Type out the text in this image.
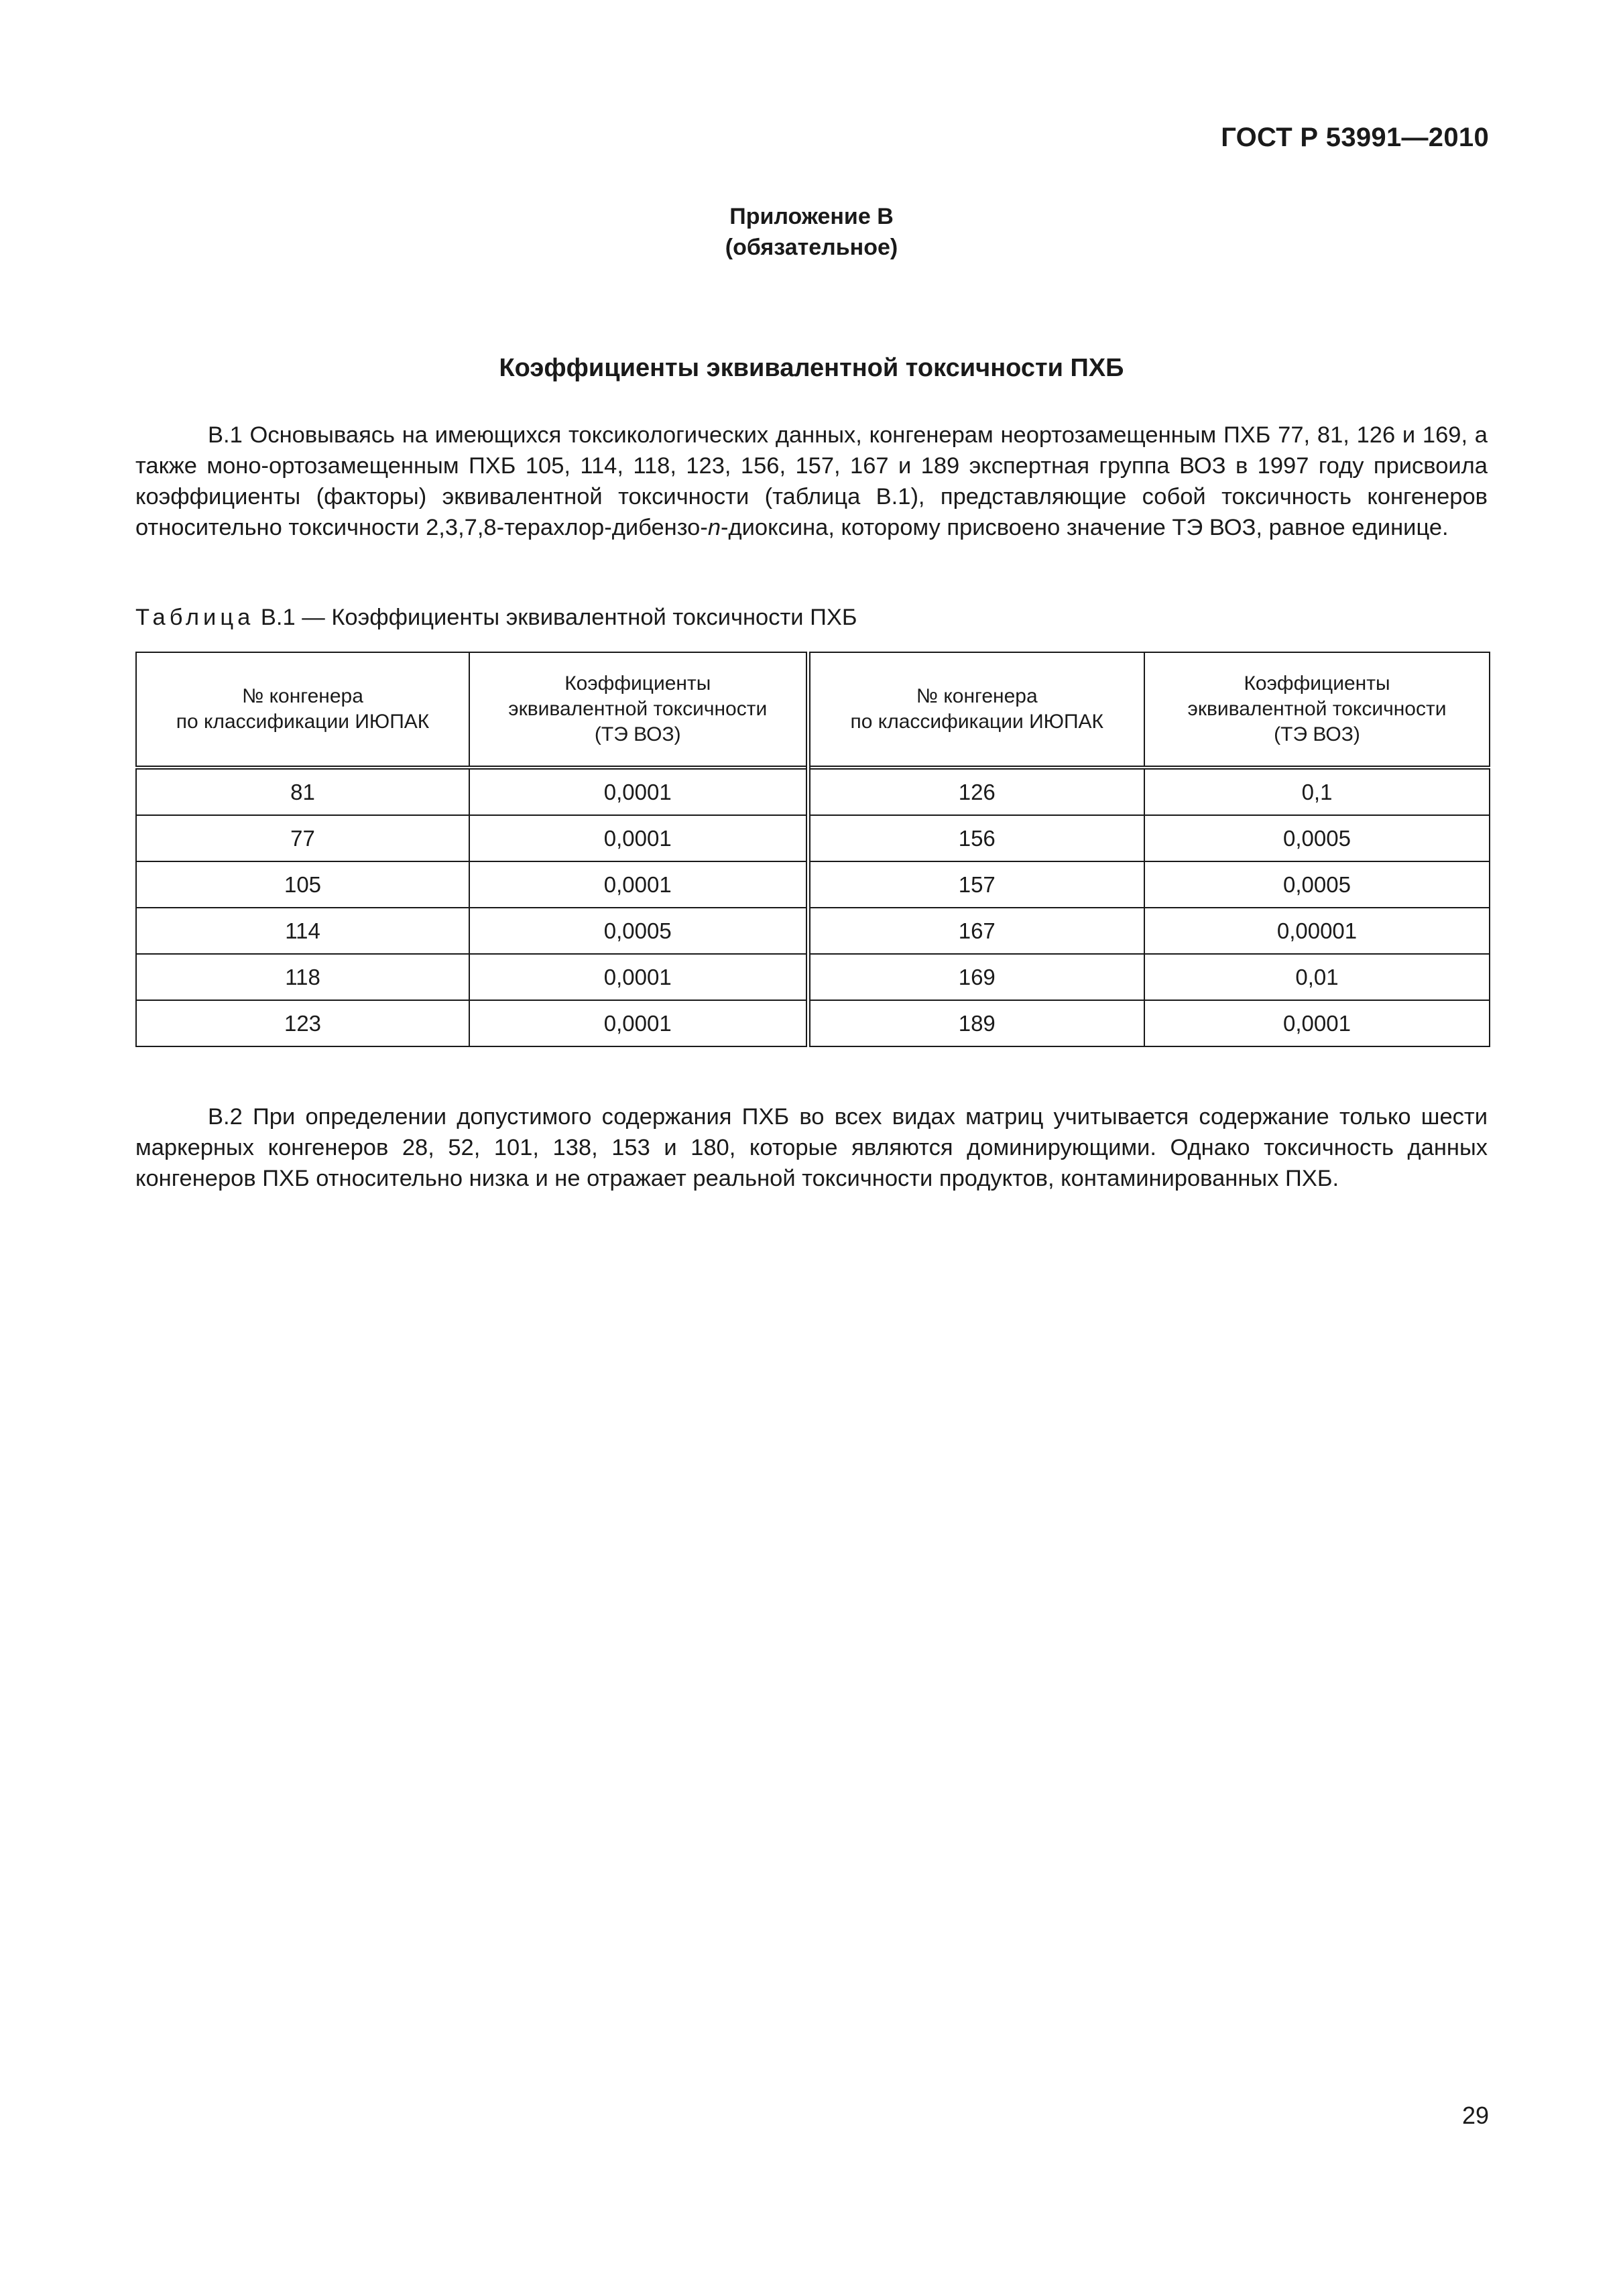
ГОСТ Р 53991—2010
Приложение В
(обязательное)
Коэффициенты эквивалентной токсичности ПХБ

В.1 Основываясь на имеющихся токсикологических данных, конгенерам неортозамещенным ПХБ 77, 81, 126 и 169, а также моно-ортозамещенным ПХБ 105, 114, 118, 123, 156, 157, 167 и 189 экспертная группа ВОЗ в 1997 году присвоила коэффициенты (факторы) эквивалентной токсичности (таблица В.1), представляющие собой токсичность конгенеров относительно токсичности 2,3,7,8-терахлор-дибензо-n-диоксина, которому присвоено значение ТЭ ВОЗ, равное единице.

Таблица В.1 — Коэффициенты эквивалентной токсичности ПХБ
№ конгенера
по классификации ИЮПАК	Коэффициенты
эквивалентной токсичности
(ТЭ ВОЗ)	№ конгенера
по классификации ИЮПАК	Коэффициенты
эквивалентной токсичности
(ТЭ ВОЗ)

81	0,0001	126	0,1
77	0,0001	156	0,0005
105	0,0001	157	0,0005
114	0,0005	167	0,00001
118	0,0001	169	0,01
123	0,0001	189	0,0001

В.2 При определении допустимого содержания ПХБ во всех видах матриц учитывается содержание только шести маркерных конгенеров 28, 52, 101, 138, 153 и 180, которые являются доминирующими. Однако токсичность данных конгенеров ПХБ относительно низка и не отражает реальной токсичности продуктов, контаминированных ПХБ.

29
